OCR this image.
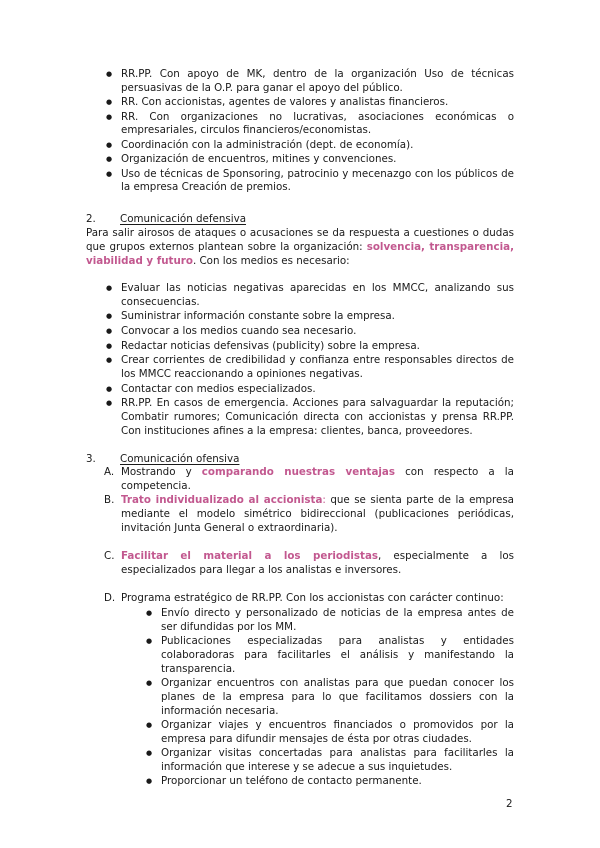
● RR.PP. Con apoyo de MK, dentro de la organización Uso de técnicas persuasivas de la O.P. para ganar el apoyo del público.
● RR. Con accionistas, agentes de valores y analistas financieros.
● RR. Con organizaciones no lucrativas, asociaciones económicas o empresariales, circulos financieros/economistas.
● Coordinación con la administración (dept. de economía).
● Organización de encuentros, mitines y convenciones.
● Uso de técnicas de Sponsoring, patrocinio y mecenazgo con los públicos de la empresa Creación de premios.
2. Comunicación defensiva
Para salir airosos de ataques o acusaciones se da respuesta a cuestiones o dudas que grupos externos plantean sobre la organización: solvencia, transparencia, viabilidad y futuro. Con los medios es necesario:
● Evaluar las noticias negativas aparecidas en los MMCC, analizando sus consecuencias.
● Suministrar información constante sobre la empresa.
● Convocar a los medios cuando sea necesario.
● Redactar noticias defensivas (publicity) sobre la empresa.
● Crear corrientes de credibilidad y confianza entre responsables directos de los MMCC reaccionando a opiniones negativas.
● Contactar con medios especializados.
● RR.PP. En casos de emergencia. Acciones para salvaguardar la reputación; Combatir rumores; Comunicación directa con accionistas y prensa RR.PP. Con instituciones afines a la empresa: clientes, banca, proveedores.
3. Comunicación ofensiva
A. Mostrando y comparando nuestras ventajas con respecto a la competencia.
B. Trato individualizado al accionista: que se sienta parte de la empresa mediante el modelo simétrico bidireccional (publicaciones periódicas, invitación Junta General o extraordinaria).
C. Facilitar el material a los periodistas, especialmente a los especializados para llegar a los analistas e inversores.
D. Programa estratégico de RR.PP. Con los accionistas con carácter continuo:
● Envío directo y personalizado de noticias de la empresa antes de ser difundidas por los MM.
● Publicaciones especializadas para analistas y entidades colaboradoras para facilitarles el análisis y manifestando la transparencia.
● Organizar encuentros con analistas para que puedan conocer los planes de la empresa para lo que facilitamos dossiers con la información necesaria.
● Organizar viajes y encuentros financiados o promovidos por la empresa para difundir mensajes de ésta por otras ciudades.
● Organizar visitas concertadas para analistas para facilitarles la información que interese y se adecue a sus inquietudes.
● Proporcionar un teléfono de contacto permanente.
2
